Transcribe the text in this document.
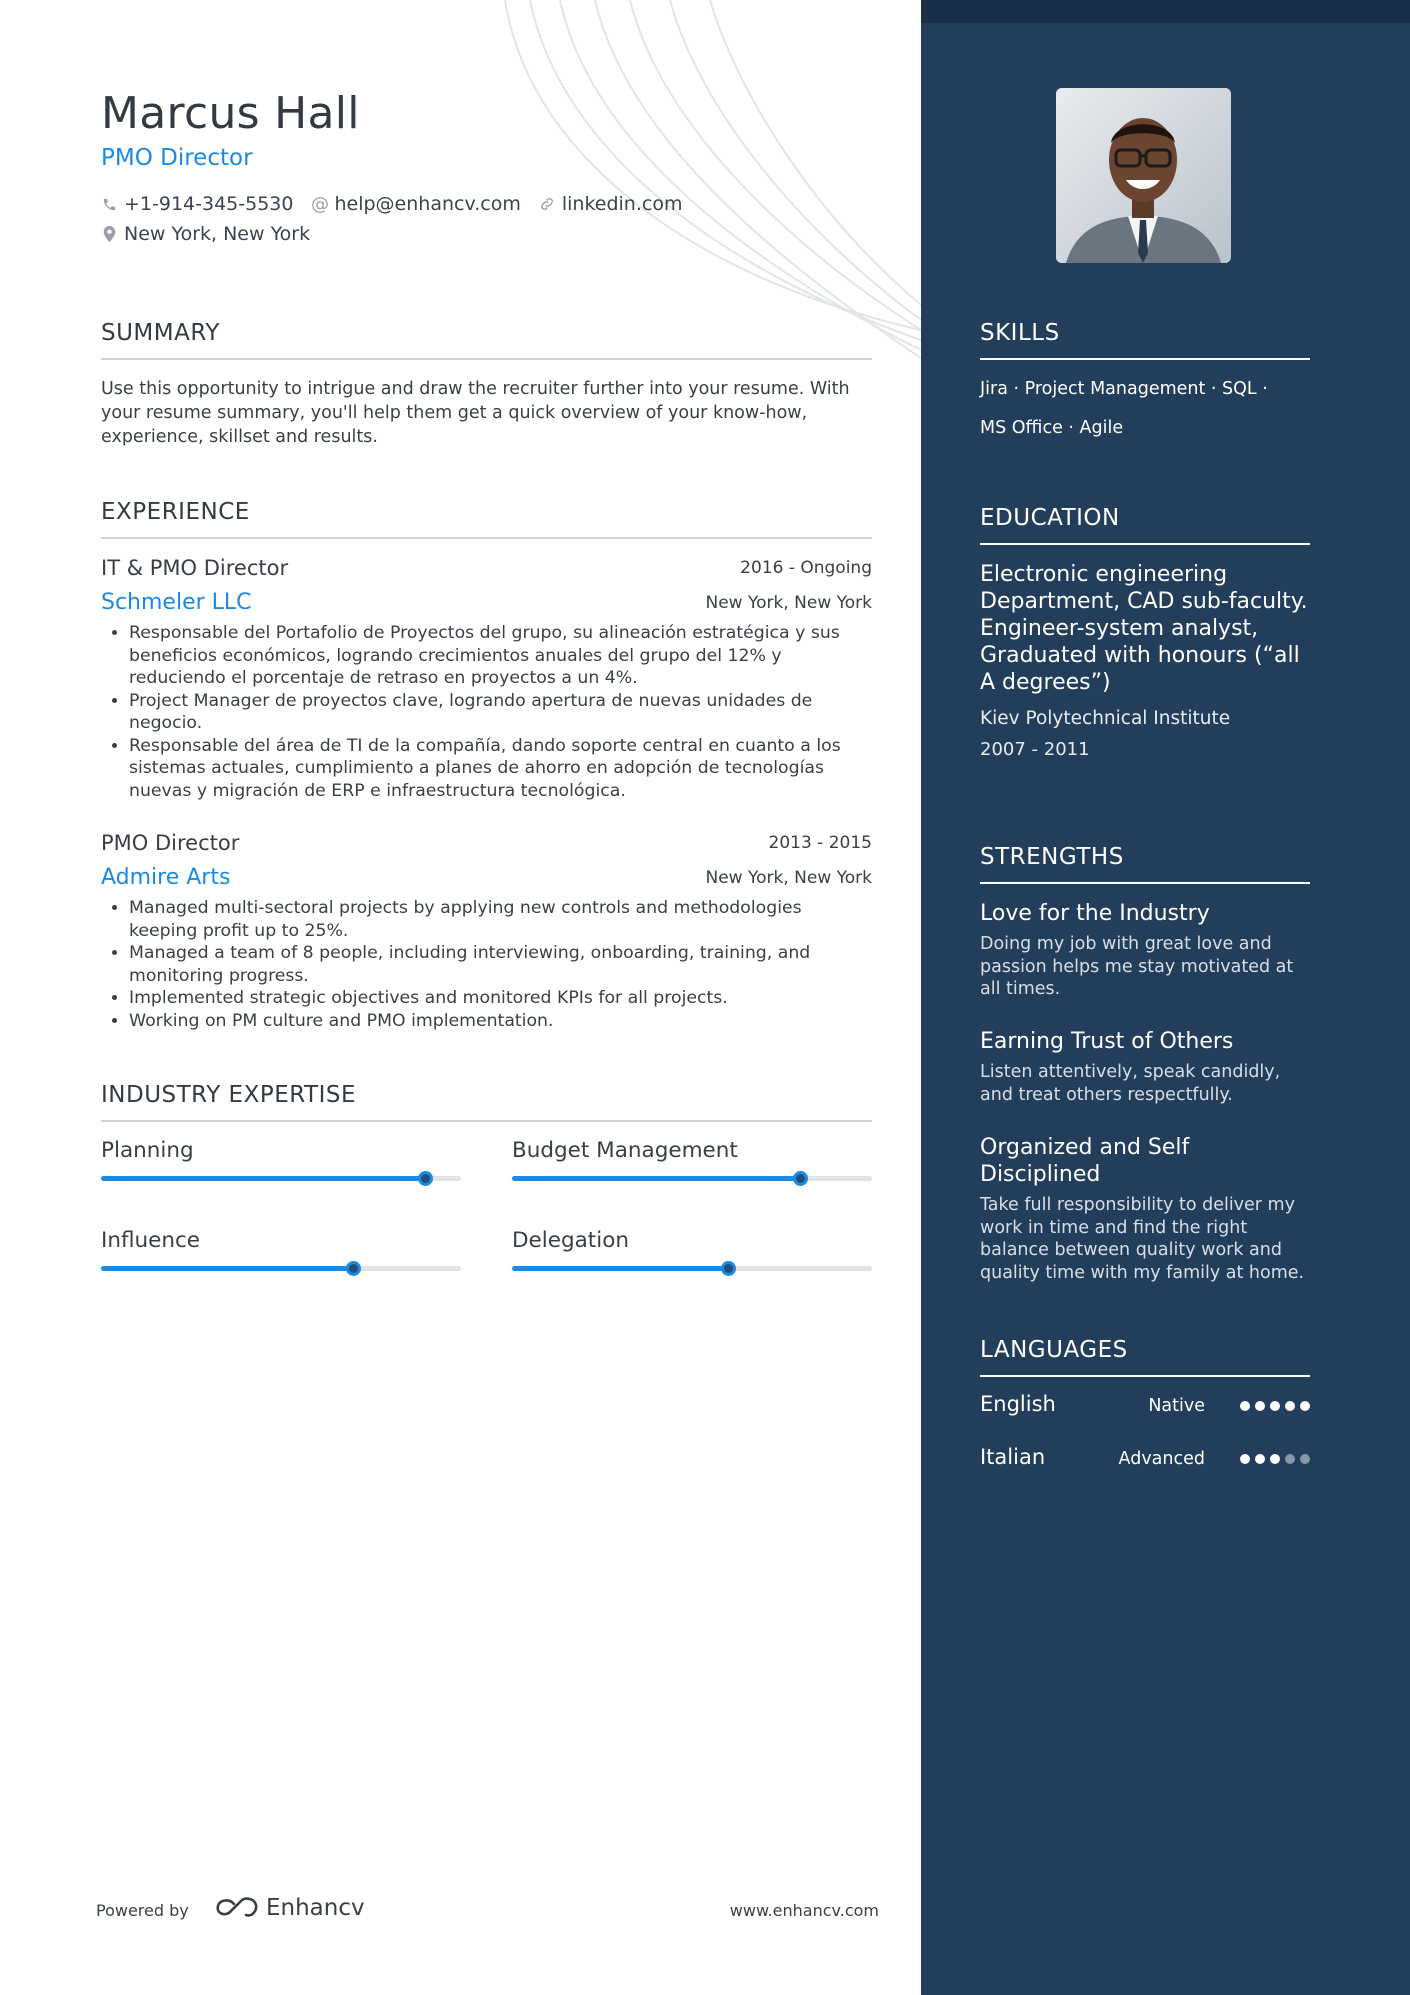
Marcus Hall
PMO Director
+1-914-345-5530 @ help@enhancv.com linkedin.com
New York, New York
SUMMARY
Use this opportunity to intrigue and draw the recruiter further into your resume. With your resume summary, you'll help them get a quick overview of your know-how, experience, skillset and results.
EXPERIENCE
IT & PMO Director	2016 - Ongoing
Schmeler LLC	New York, New York
• Responsable del Portafolio de Proyectos del grupo, su alineación estratégica y sus beneficios económicos, logrando crecimientos anuales del grupo del 12% y reduciendo el porcentaje de retraso en proyectos a un 4%.
• Project Manager de proyectos clave, logrando apertura de nuevas unidades de negocio.
• Responsable del área de TI de la compañía, dando soporte central en cuanto a los sistemas actuales, cumplimiento a planes de ahorro en adopción de tecnologías nuevas y migración de ERP e infraestructura tecnológica.
PMO Director	2013 - 2015
Admire Arts	New York, New York
• Managed multi-sectoral projects by applying new controls and methodologies keeping profit up to 25%.
• Managed a team of 8 people, including interviewing, onboarding, training, and monitoring progress.
• Implemented strategic objectives and monitored KPIs for all projects.
• Working on PM culture and PMO implementation.
INDUSTRY EXPERTISE
Planning	Budget Management
Influence	Delegation
Powered by	Enhancv	www.enhancv.com
SKILLS
Jira · Project Management · SQL ·
MS Office · Agile
EDUCATION
Electronic engineering Department, CAD sub-faculty.
Engineer-system analyst, Graduated with honours (“all A degrees”)
Kiev Polytechnical Institute
2007 - 2011
STRENGTHS
Love for the Industry
Doing my job with great love and passion helps me stay motivated at all times.
Earning Trust of Others
Listen attentively, speak candidly, and treat others respectfully.
Organized and Self Disciplined
Take full responsibility to deliver my work in time and find the right balance between quality work and quality time with my family at home.
LANGUAGES
English	Native
Italian	Advanced
